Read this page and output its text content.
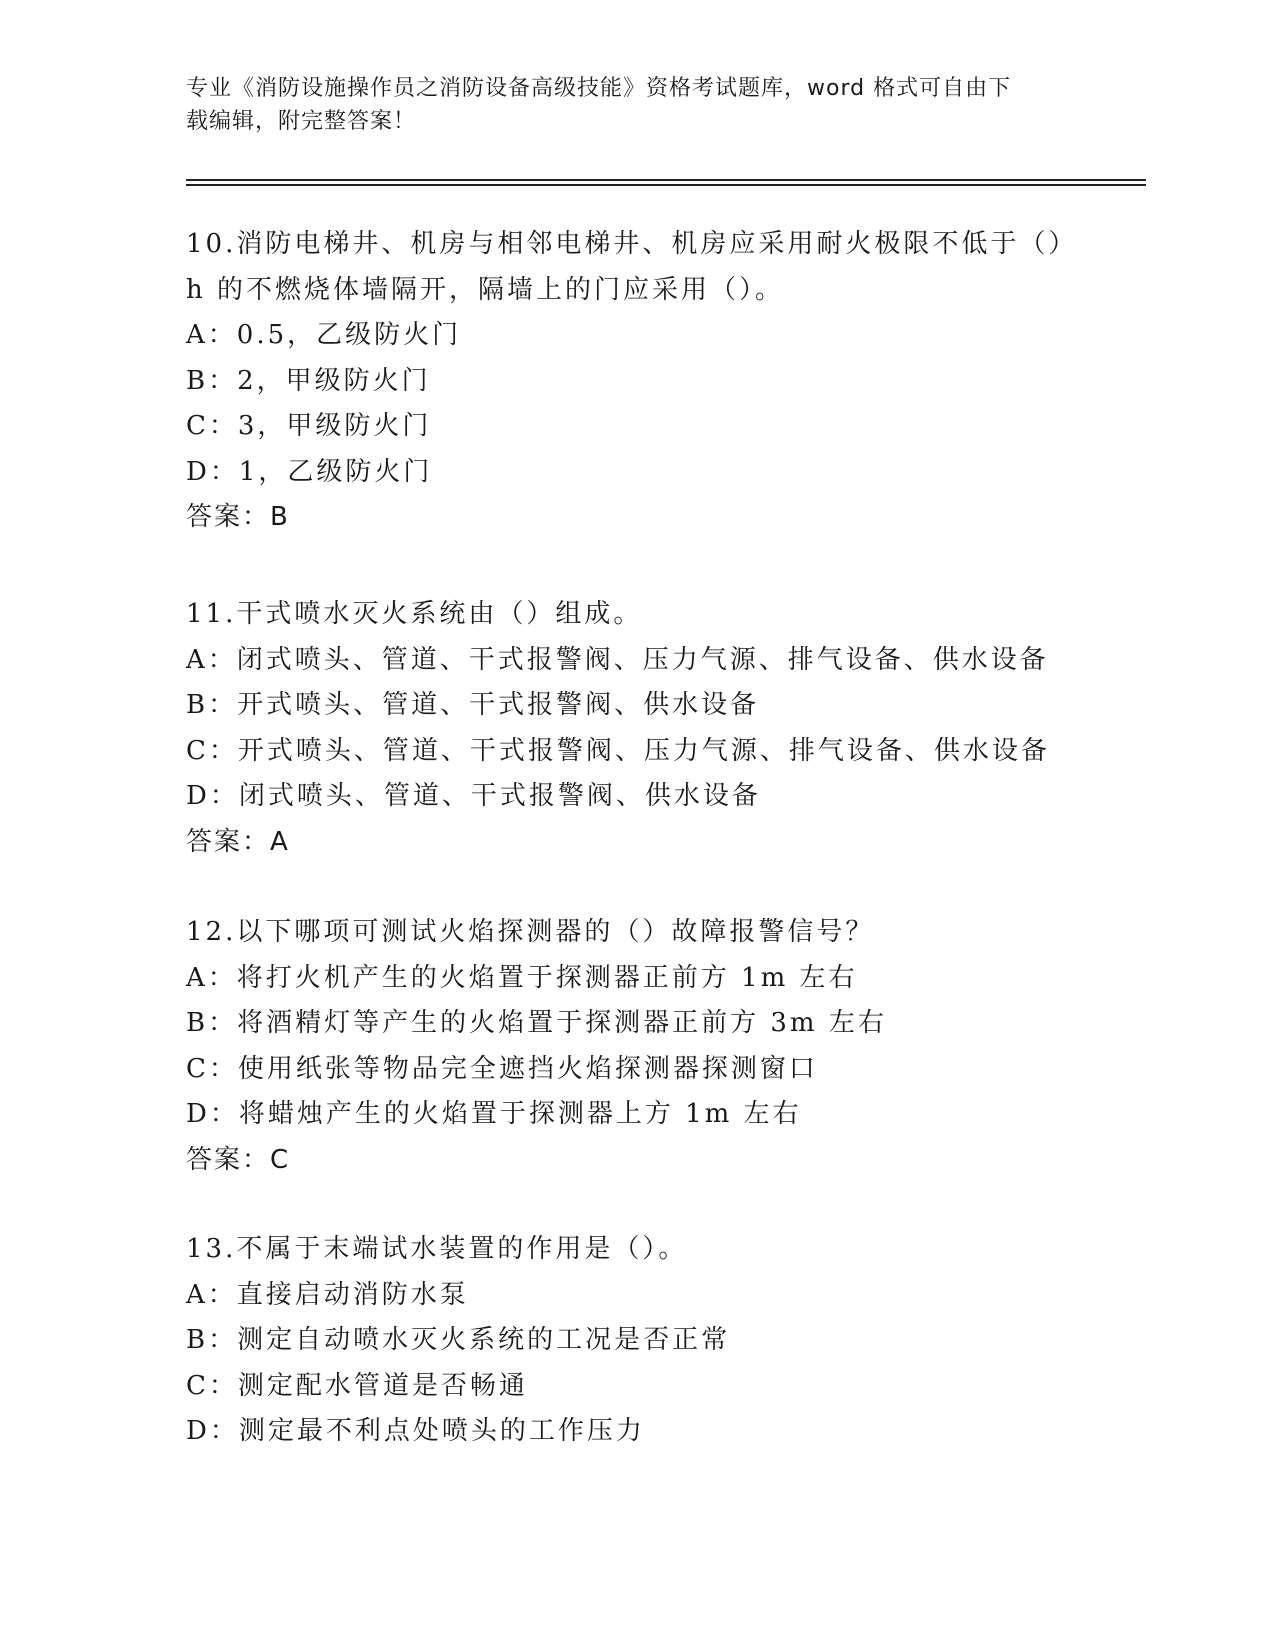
专业《消防设施操作员之消防设备高级技能》资格考试题库，word 格式可自由下
载编辑，附完整答案！
10.消防电梯井、机房与相邻电梯井、机房应采用耐火极限不低于（）
h 的不燃烧体墙隔开，隔墙上的门应采用（）。
A：0.5，乙级防火门
B：2，甲级防火门
C：3，甲级防火门
D：1，乙级防火门
答案：B
11.干式喷水灭火系统由（）组成。
A：闭式喷头、管道、干式报警阀、压力气源、排气设备、供水设备
B：开式喷头、管道、干式报警阀、供水设备
C：开式喷头、管道、干式报警阀、压力气源、排气设备、供水设备
D：闭式喷头、管道、干式报警阀、供水设备
答案：A
12.以下哪项可测试火焰探测器的（）故障报警信号？
A：将打火机产生的火焰置于探测器正前方 1m 左右
B：将酒精灯等产生的火焰置于探测器正前方 3m 左右
C：使用纸张等物品完全遮挡火焰探测器探测窗口
D：将蜡烛产生的火焰置于探测器上方 1m 左右
答案：C
13.不属于末端试水装置的作用是（）。
A：直接启动消防水泵
B：测定自动喷水灭火系统的工况是否正常
C：测定配水管道是否畅通
D：测定最不利点处喷头的工作压力
